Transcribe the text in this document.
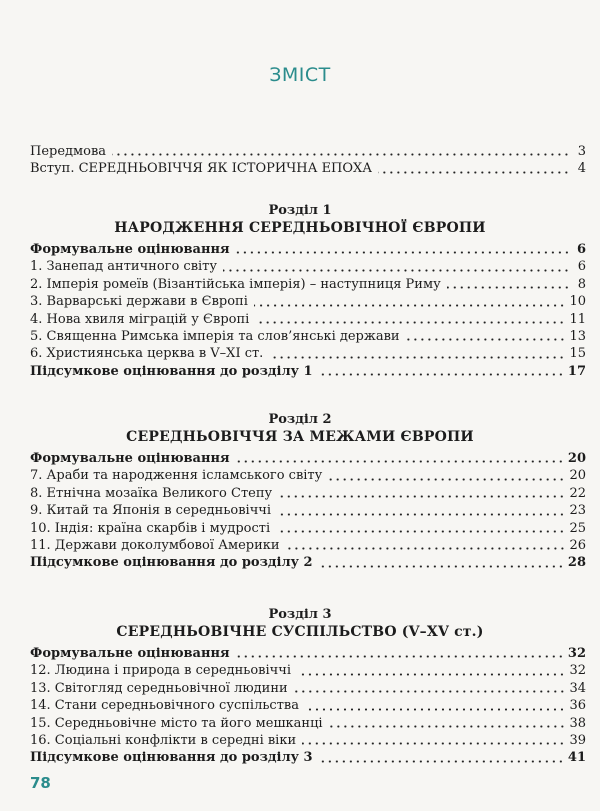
ЗМІСТ
Передмова	3
Вступ. СЕРЕДНЬОВІЧЧЯ ЯК ІСТОРИЧНА ЕПОХА	4
Розділ 1
НАРОДЖЕННЯ СЕРЕДНЬОВІЧНОЇ ЄВРОПИ
Формувальне оцінювання	6
1. Занепад античного світу	6
2. Імперія ромеїв (Візантійська імперія) – наступниця Риму	8
3. Варварські держави в Європі	10
4. Нова хвиля міграцій у Європі	11
5. Священна Римська імперія та слов’янські держави	13
6. Християнська церква в V–XI ст.	15
Підсумкове оцінювання до розділу 1	17
Розділ 2
СЕРЕДНЬОВІЧЧЯ ЗА МЕЖАМИ ЄВРОПИ
Формувальне оцінювання	20
7. Араби та народження ісламського світу	20
8. Етнічна мозаїка Великого Степу	22
9. Китай та Японія в середньовіччі	23
10. Індія: країна скарбів і мудрості	25
11. Держави доколумбової Америки	26
Підсумкове оцінювання до розділу 2	28
Розділ 3
СЕРЕДНЬОВІЧНЕ СУСПІЛЬСТВО (V–XV ст.)
Формувальне оцінювання	32
12. Людина і природа в середньовіччі	32
13. Світогляд середньовічної людини	34
14. Стани середньовічного суспільства	36
15. Середньовічне місто та його мешканці	38
16. Соціальні конфлікти в середні віки	39
Підсумкове оцінювання до розділу 3	41
78
